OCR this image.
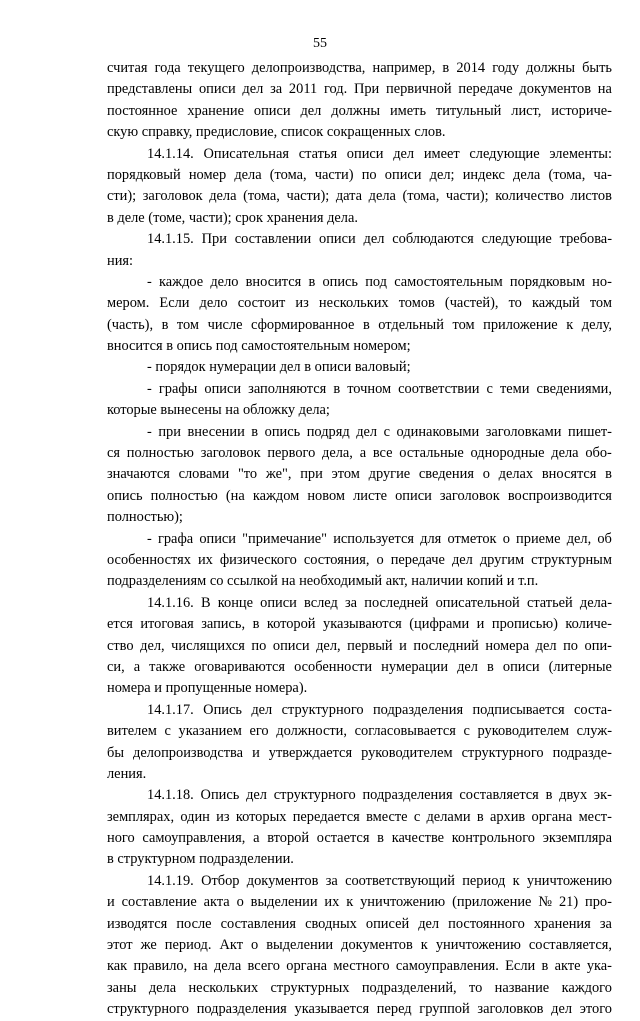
55
считая года текущего делопроизводства, например, в 2014 году должны быть
представлены описи дел за 2011 год. При первичной передаче документов на
постоянное хранение описи дел должны иметь титульный лист, историче-
скую справку, предисловие, список сокращенных слов.
14.1.14. Описательная статья описи дел имеет следующие элементы:
порядковый номер дела (тома, части) по описи дел; индекс дела (тома, ча-
сти); заголовок дела (тома, части); дата дела (тома, части); количество листов
в деле (томе, части); срок хранения дела.
14.1.15. При составлении описи дел соблюдаются следующие требова-
ния:
- каждое дело вносится в опись под самостоятельным порядковым но-
мером. Если дело состоит из нескольких томов (частей), то каждый том
(часть), в том числе сформированное в отдельный том приложение к делу,
вносится в опись под самостоятельным номером;
- порядок нумерации дел в описи валовый;
- графы описи заполняются в точном соответствии с теми сведениями,
которые вынесены на обложку дела;
- при внесении в опись подряд дел с одинаковыми заголовками пишет-
ся полностью заголовок первого дела, а все остальные однородные дела обо-
значаются словами "то же", при этом другие сведения о делах вносятся в
опись полностью (на каждом новом листе описи заголовок воспроизводится
полностью);
- графа описи "примечание" используется для отметок о приеме дел, об
особенностях их физического состояния, о передаче дел другим структурным
подразделениям со ссылкой на необходимый акт, наличии копий и т.п.
14.1.16. В конце описи вслед за последней описательной статьей дела-
ется итоговая запись, в которой указываются (цифрами и прописью) количе-
ство дел, числящихся по описи дел, первый и последний номера дел по опи-
си, а также оговариваются особенности нумерации дел в описи (литерные
номера и пропущенные номера).
14.1.17. Опись дел структурного подразделения подписывается соста-
вителем с указанием его должности, согласовывается с руководителем служ-
бы делопроизводства и утверждается руководителем структурного подразде-
ления.
14.1.18. Опись дел структурного подразделения составляется в двух эк-
земплярах, один из которых передается вместе с делами в архив органа мест-
ного самоуправления, а второй остается в качестве контрольного экземпляра
в структурном подразделении.
14.1.19. Отбор документов за соответствующий период к уничтожению
и составление акта о выделении их к уничтожению (приложение № 21) про-
изводятся после составления сводных описей дел постоянного хранения за
этот же период. Акт о выделении документов к уничтожению составляется,
как правило, на дела всего органа местного самоуправления. Если в акте ука-
заны дела нескольких структурных подразделений, то название каждого
структурного подразделения указывается перед группой заголовков дел этого
